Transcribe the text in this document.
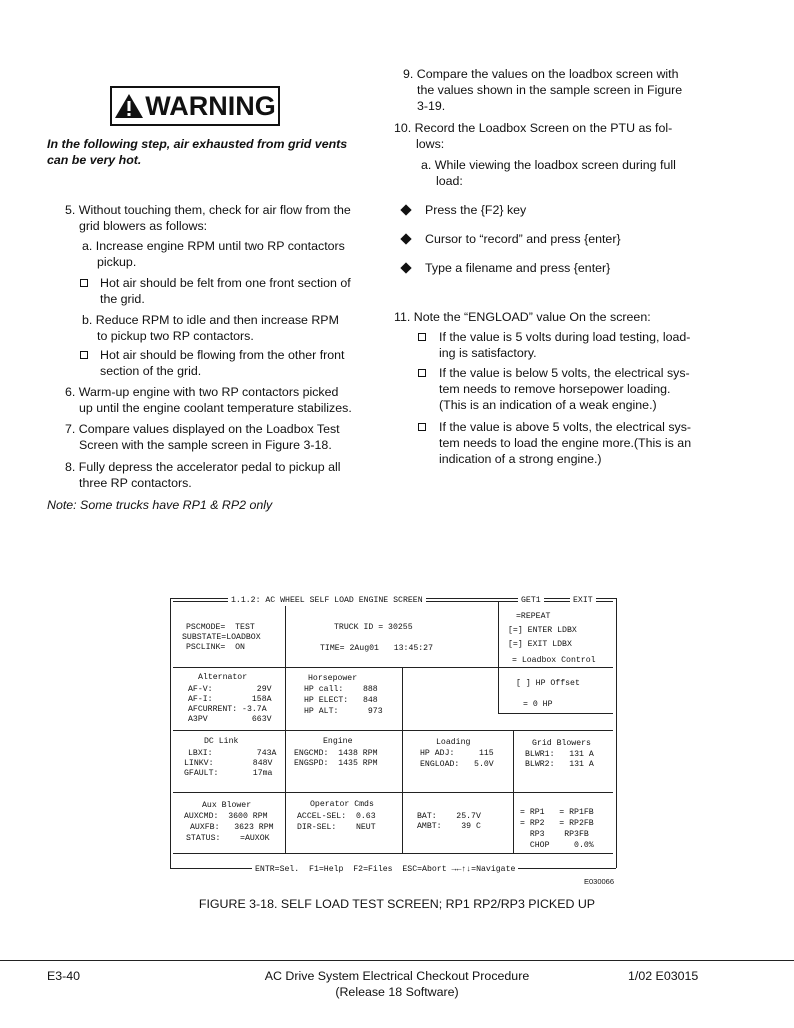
WARNING
In the following step, air exhausted from grid vents can be very hot.
5. Without touching them, check for air flow from the
grid blowers as follows:
a. Increase engine RPM until two RP contactors
pickup.
Hot air should be felt from one front section of
the grid.
b. Reduce RPM to idle and then increase RPM
to pickup two RP contactors.
Hot air should be flowing from the other front
section of the grid.
6. Warm-up engine with two RP contactors picked
up until the engine coolant temperature stabilizes.
7. Compare values displayed on the Loadbox Test
Screen with the sample screen in Figure 3-18.
8. Fully depress the accelerator pedal to pickup all
three RP contactors.
Note: Some trucks have RP1 & RP2 only
9. Compare the values on the loadbox screen with
the values shown in the sample screen in Figure
3-19.
10. Record the Loadbox Screen on the PTU as fol-
lows:
a. While viewing the loadbox screen during full
load:
Press the {F2} key
Cursor to “record” and press {enter}
Type a filename and press {enter}
11. Note the “ENGLOAD” value On the screen:
If the value is 5 volts during load testing, load-
ing is satisfactory.
If the value is below 5 volts, the electrical sys-
tem needs to remove horsepower loading.
(This is an indication of a weak engine.)
If the value is above 5 volts, the electrical sys-
tem needs to load the engine more.(This is an
indication of a strong engine.)
1.1.2: AC WHEEL SELF LOAD ENGINE SCREEN	GET1	EXIT
PSCMODE=  TEST
SUBSTATE=LOADBOX
PSCLINK=  ON
TRUCK ID = 30255
TIME= 2Aug01   13:45:27
=REPEAT
[=] ENTER LDBX
[=] EXIT LDBX
= Loadbox Control
[ ] HP Offset
= 0 HP
Alternator
AF-V:         29V
AF-I:        158A
AFCURRENT: -3.7A
A3PV         663V
Horsepower
HP call:    888
HP ELECT:   848
HP ALT:      973
DC Link
LBXI:         743A
LINKV:        848V
GFAULT:       17ma
Engine
ENGCMD:  1438 RPM
ENGSPD:  1435 RPM
Loading
HP ADJ:     115
ENGLOAD:   5.0V
Grid Blowers
BLWR1:   131 A
BLWR2:   131 A
Aux Blower
AUXCMD:  3600 RPM
AUXFB:   3623 RPM
STATUS:    =AUXOK
Operator Cmds
ACCEL-SEL:  0.63
DIR-SEL:    NEUT
BAT:    25.7V
AMBT:    39 C
= RP1   = RP1FB
= RP2   = RP2FB
RP3    RP3FB
CHOP     0.0%
ENTR=Sel.  F1=Help  F2=Files  ESC=Abort →←↑↓=Navigate
E030066
FIGURE 3-18. SELF LOAD TEST SCREEN; RP1 RP2/RP3 PICKED UP
E3-40	AC Drive System Electrical Checkout Procedure
(Release 18 Software)
1/02 E03015
